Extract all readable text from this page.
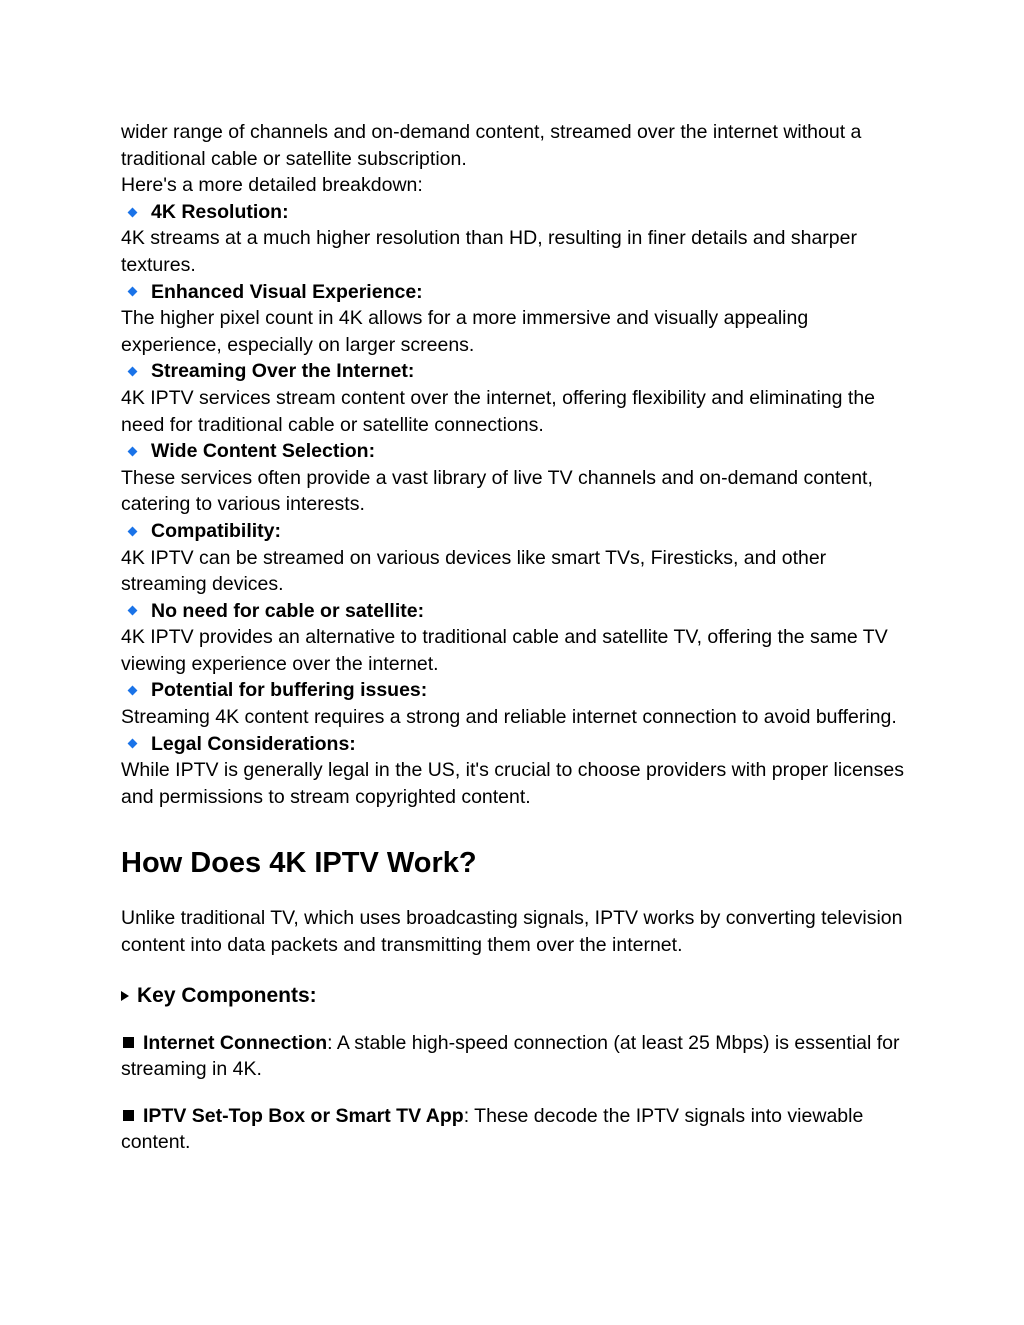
wider range of channels and on-demand content, streamed over the internet without a

traditional cable or satellite subscription.

Here's a more detailed breakdown:

4K Resolution:

4K streams at a much higher resolution than HD, resulting in finer details and sharper textures.

Enhanced Visual Experience:

The higher pixel count in 4K allows for a more immersive and visually appealing experience, especially on larger screens.

Streaming Over the Internet:

4K IPTV services stream content over the internet, offering flexibility and eliminating the need for traditional cable or satellite connections.

Wide Content Selection:

These services often provide a vast library of live TV channels and on-demand content, catering to various interests.

Compatibility:

4K IPTV can be streamed on various devices like smart TVs, Firesticks, and other streaming devices.

No need for cable or satellite:

4K IPTV provides an alternative to traditional cable and satellite TV, offering the same TV viewing experience over the internet.

Potential for buffering issues:

Streaming 4K content requires a strong and reliable internet connection to avoid buffering.

Legal Considerations:

While IPTV is generally legal in the US, it's crucial to choose providers with proper licenses and permissions to stream copyrighted content.

How Does 4K IPTV Work?

Unlike traditional TV, which uses broadcasting signals, IPTV works by converting television content into data packets and transmitting them over the internet.

Key Components:

Internet Connection: A stable high-speed connection (at least 25 Mbps) is essential for streaming in 4K.

IPTV Set-Top Box or Smart TV App: These decode the IPTV signals into viewable content.
